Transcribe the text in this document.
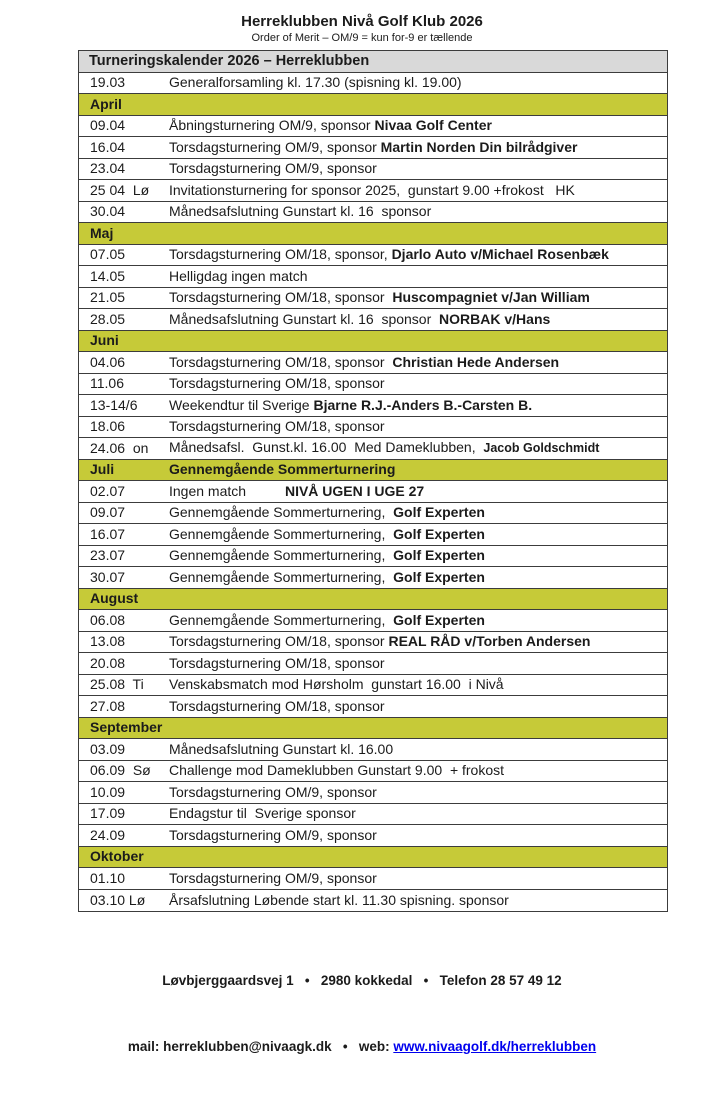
Herreklubben Nivå Golf Klub 2026
Order of Merit – OM/9 = kun for-9 er tællende
Turneringskalender 2026 – Herreklubben
19.03	Generalforsamling kl. 17.30 (spisning kl. 19.00)
April
09.04	Åbningsturnering OM/9, sponsor Nivaa Golf Center
16.04	Torsdagsturnering OM/9, sponsor Martin Norden Din bilrådgiver
23.04	Torsdagsturnering OM/9, sponsor
25 04  Lø	Invitationsturnering for sponsor 2025,  gunstart 9.00 +frokost   HK
30.04	Månedsafslutning Gunstart kl. 16  sponsor
Maj
07.05	Torsdagsturnering OM/18, sponsor, Djarlo Auto v/Michael Rosenbæk
14.05	Helligdag ingen match
21.05	Torsdagsturnering OM/18, sponsor  Huscompagniet v/Jan William
28.05	Månedsafslutning Gunstart kl. 16  sponsor  NORBAK v/Hans
Juni
04.06	Torsdagsturnering OM/18, sponsor  Christian Hede Andersen
11.06	Torsdagsturnering OM/18, sponsor
13-14/6	Weekendtur til Sverige Bjarne R.J.-Anders B.-Carsten B.
18.06	Torsdagsturnering OM/18, sponsor
24.06  on	Månedsafsl.  Gunst.kl. 16.00  Med Dameklubben,  Jacob Goldschmidt
Juli	Gennemgående Sommerturnering
02.07	Ingen match          NIVÅ UGEN I UGE 27
09.07	Gennemgående Sommerturnering,  Golf Experten
16.07	Gennemgående Sommerturnering,  Golf Experten
23.07	Gennemgående Sommerturnering,  Golf Experten
30.07	Gennemgående Sommerturnering,  Golf Experten
August
06.08	Gennemgående Sommerturnering,  Golf Experten
13.08	Torsdagsturnering OM/18, sponsor REAL RÅD v/Torben Andersen
20.08	Torsdagsturnering OM/18, sponsor
25.08  Ti	Venskabsmatch mod Hørsholm  gunstart 16.00  i Nivå
27.08	Torsdagsturnering OM/18, sponsor
September
03.09	Månedsafslutning Gunstart kl. 16.00
06.09  Sø	Challenge mod Dameklubben Gunstart 9.00  + frokost
10.09	Torsdagsturnering OM/9, sponsor
17.09	Endagstur til  Sverige sponsor
24.09	Torsdagsturnering OM/9, sponsor
Oktober
01.10	Torsdagsturnering OM/9, sponsor
03.10 Lø	Årsafslutning Løbende start kl. 11.30 spisning. sponsor

Løvbjerggaardsvej 1   •   2980 kokkedal   •   Telefon 28 57 49 12

mail: herreklubben@nivaagk.dk   •   web: www.nivaagolf.dk/herreklubben
